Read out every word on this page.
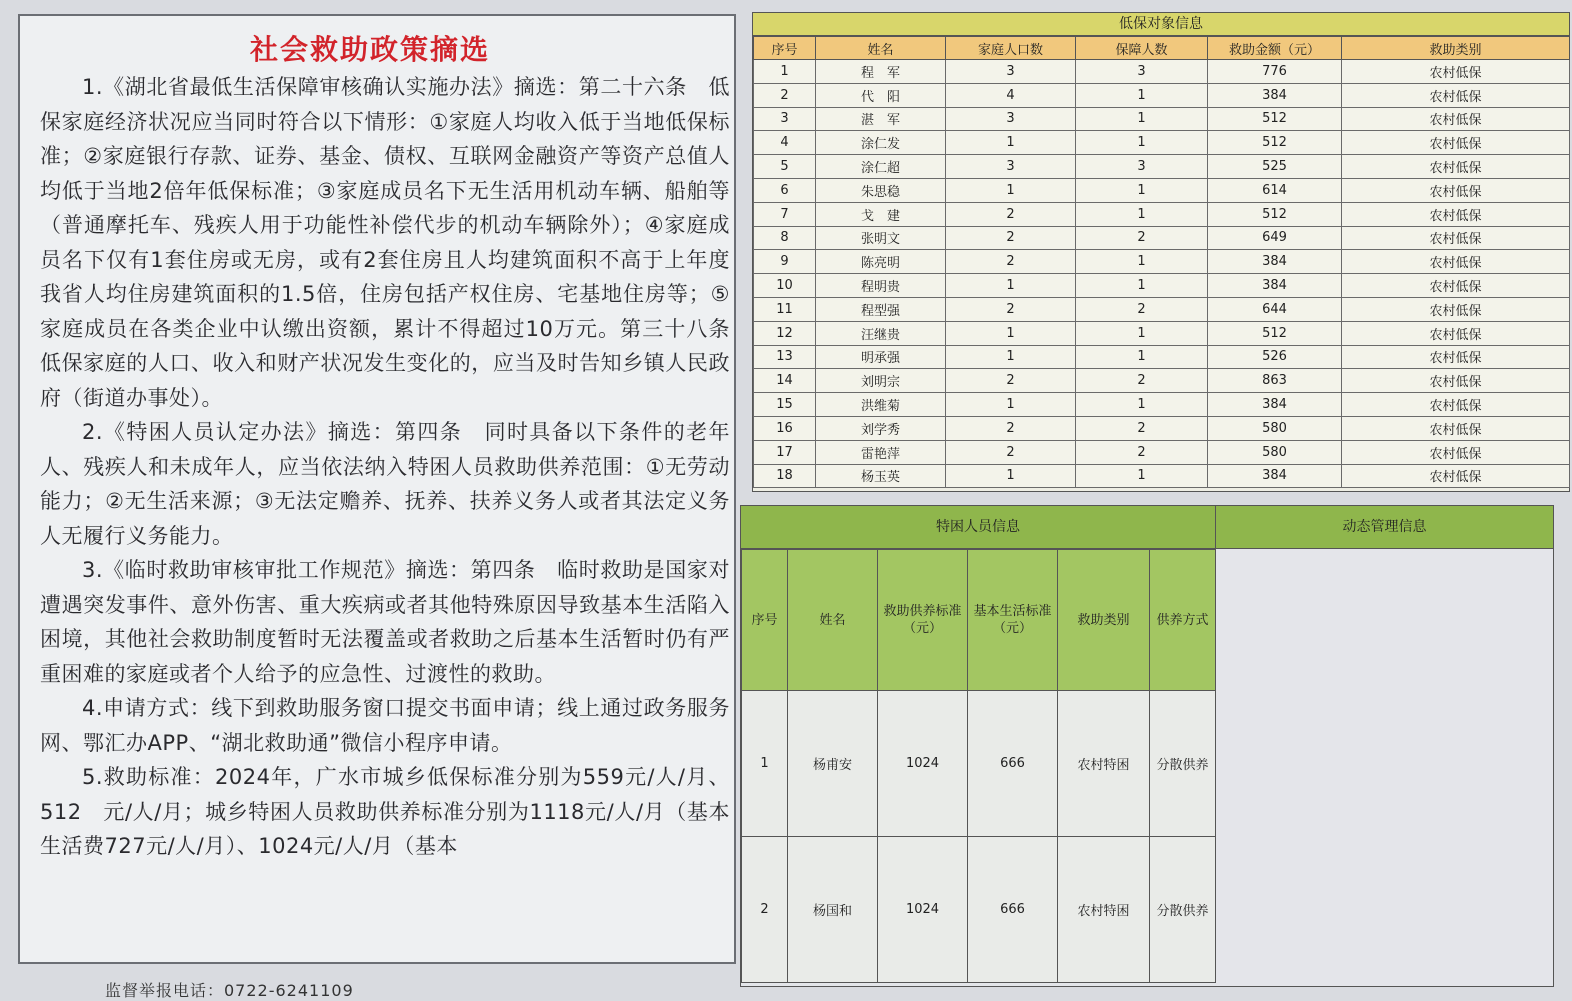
社会救助政策摘选

1.《湖北省最低生活保障审核确认实施办法》摘选：第二十六条　低保家庭经济状况应当同时符合以下情形：①家庭人均收入低于当地低保标准；②家庭银行存款、证券、基金、债权、互联网金融资产等资产总值人均低于当地2倍年低保标准；③家庭成员名下无生活用机动车辆、船舶等（普通摩托车、残疾人用于功能性补偿代步的机动车辆除外）；④家庭成员名下仅有1套住房或无房，或有2套住房且人均建筑面积不高于上年度我省人均住房建筑面积的1.5倍，住房包括产权住房、宅基地住房等；⑤家庭成员在各类企业中认缴出资额，累计不得超过10万元。第三十八条　低保家庭的人口、收入和财产状况发生变化的，应当及时告知乡镇人民政府（街道办事处）。

2.《特困人员认定办法》摘选：第四条　同时具备以下条件的老年人、残疾人和未成年人，应当依法纳入特困人员救助供养范围：①无劳动能力；②无生活来源；③无法定赡养、抚养、扶养义务人或者其法定义务人无履行义务能力。

3.《临时救助审核审批工作规范》摘选：第四条　临时救助是国家对遭遇突发事件、意外伤害、重大疾病或者其他特殊原因导致基本生活陷入困境，其他社会救助制度暂时无法覆盖或者救助之后基本生活暂时仍有严重困难的家庭或者个人给予的应急性、过渡性的救助。

4.申请方式：线下到救助服务窗口提交书面申请；线上通过政务服务网、鄂汇办APP、“湖北救助通”微信小程序申请。

5.救助标准：2024年，广水市城乡低保标准分别为559元/人/月、512　元/人/月；城乡特困人员救助供养标准分别为1118元/人/月（基本生活费727元/人/月）、1024元/人/月（基本

监督举报电话：0722-6241109
低保对象信息
序号	姓名	家庭人口数	保障人数	救助金额（元）	救助类别
1	程　军	3	3	776	农村低保
2	代　阳	4	1	384	农村低保
3	湛　军	3	1	512	农村低保
4	涂仁发	1	1	512	农村低保
5	涂仁超	3	3	525	农村低保
6	朱思稳	1	1	614	农村低保
7	戈　建	2	1	512	农村低保
8	张明文	2	2	649	农村低保
9	陈亮明	2	1	384	农村低保
10	程明贵	1	1	384	农村低保
11	程型强	2	2	644	农村低保
12	汪继贵	1	1	512	农村低保
13	明承强	1	1	526	农村低保
14	刘明宗	2	2	863	农村低保
15	洪维菊	1	1	384	农村低保
16	刘学秀	2	2	580	农村低保
17	雷艳萍	2	2	580	农村低保
18	杨玉英	1	1	384	农村低保
特困人员信息	动态管理信息
序号	姓名	救助供养标准（元）	基本生活标准（元）	救助类别	供养方式
1	杨甫安	1024	666	农村特困	分散供养
2	杨国和	1024	666	农村特困	分散供养
